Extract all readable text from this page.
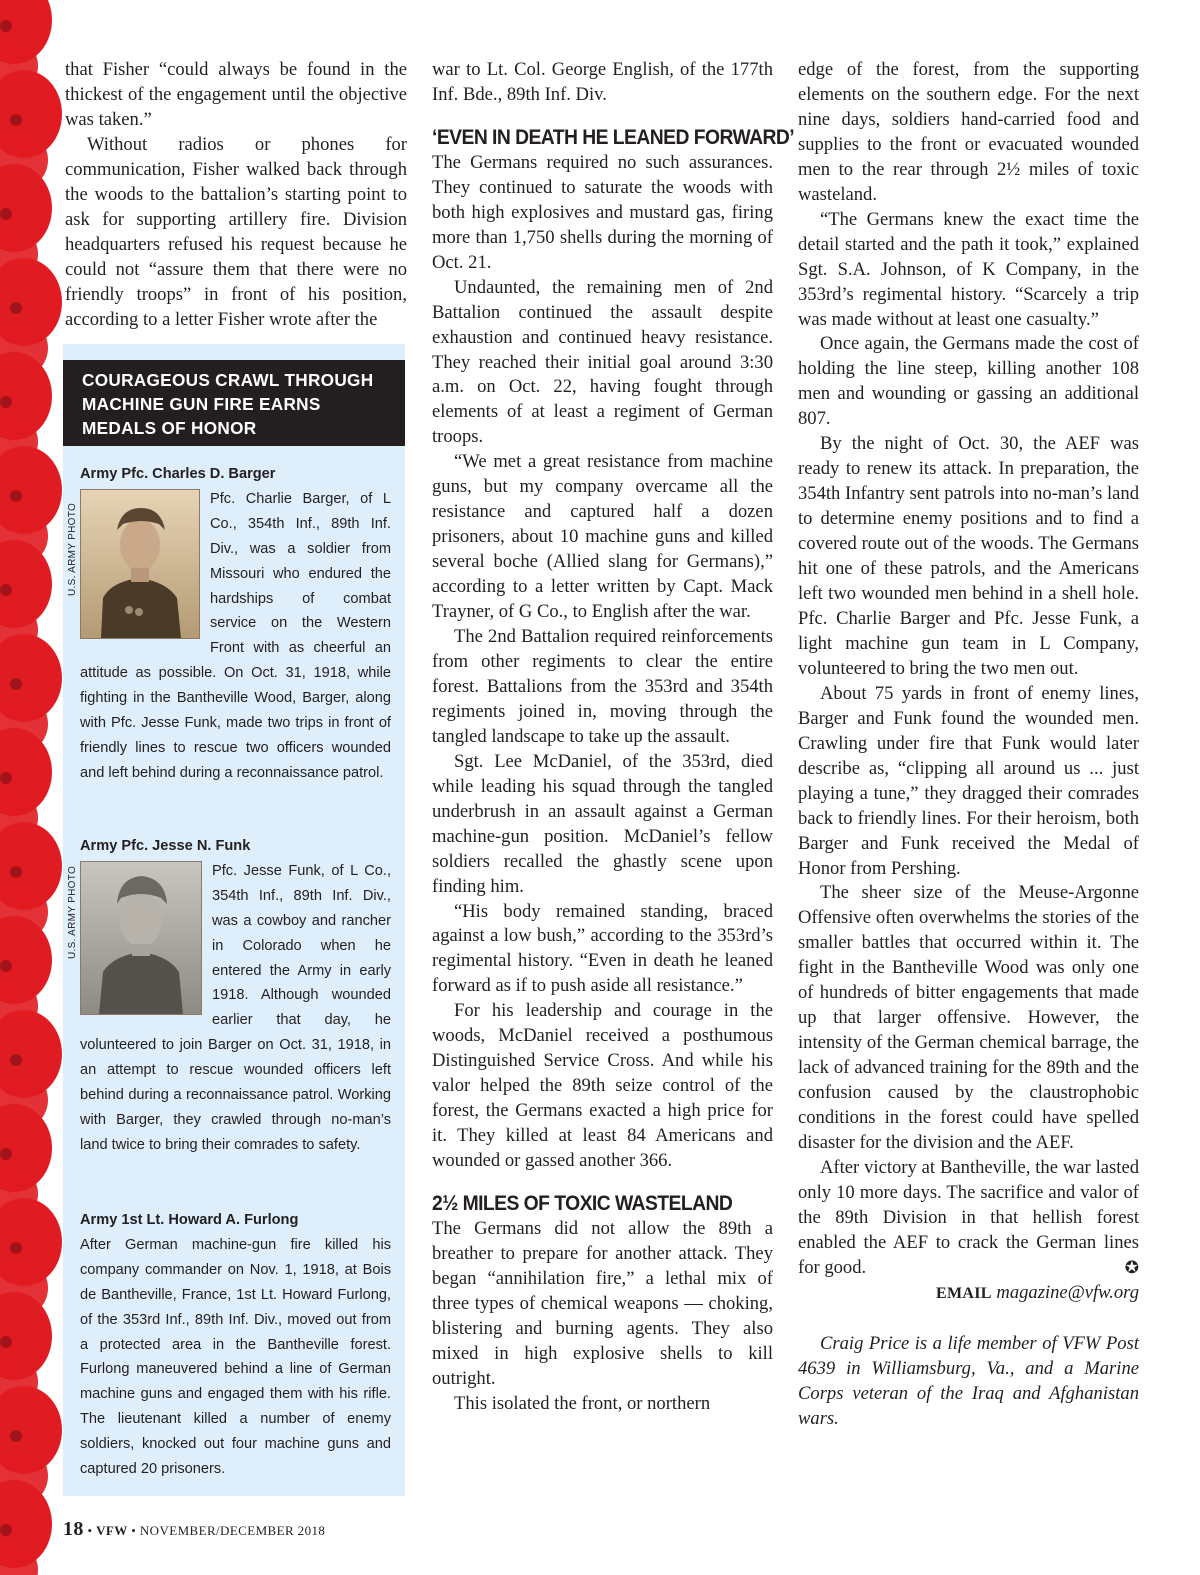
that Fisher “could always be found in the thickest of the engagement until the objective was taken.”

Without radios or phones for communication, Fisher walked back through the woods to the battalion’s starting point to ask for supporting artillery fire. Division headquarters refused his request because he could not “assure them that there were no friendly troops” in front of his position, according to a letter Fisher wrote after the

COURAGEOUS CRAWL THROUGH MACHINE GUN FIRE EARNS MEDALS OF HONOR

Army Pfc. Charles D. Barger

Pfc. Charlie Barger, of L Co., 354th Inf., 89th Inf. Div., was a soldier from Missouri who endured the hardships of combat service on the Western Front with as cheerful an attitude as possible. On Oct. 31, 1918, while fighting in the Bantheville Wood, Barger, along with Pfc. Jesse Funk, made two trips in front of friendly lines to rescue two officers wounded and left behind during a reconnaissance patrol.

U.S. ARMY PHOTO

Army Pfc. Jesse N. Funk

Pfc. Jesse Funk, of L Co., 354th Inf., 89th Inf. Div., was a cowboy and rancher in Colorado when he entered the Army in early 1918. Although wounded earlier that day, he volunteered to join Barger on Oct. 31, 1918, in an attempt to rescue wounded officers left behind during a reconnaissance patrol. Working with Barger, they crawled through no-man’s land twice to bring their comrades to safety.

U.S. ARMY PHOTO

Army 1st Lt. Howard A. Furlong

After German machine-gun fire killed his company commander on Nov. 1, 1918, at Bois de Bantheville, France, 1st Lt. Howard Furlong, of the 353rd Inf., 89th Inf. Div., moved out from a protected area in the Bantheville forest. Furlong maneuvered behind a line of German machine guns and engaged them with his rifle. The lieutenant killed a number of enemy soldiers, knocked out four machine guns and captured 20 prisoners.

war to Lt. Col. George English, of the 177th Inf. Bde., 89th Inf. Div.

‘EVEN IN DEATH HE LEANED FORWARD’

The Germans required no such assurances. They continued to saturate the woods with both high explosives and mustard gas, firing more than 1,750 shells during the morning of Oct. 21.

Undaunted, the remaining men of 2nd Battalion continued the assault despite exhaustion and continued heavy resistance. They reached their initial goal around 3:30 a.m. on Oct. 22, having fought through elements of at least a regiment of German troops.

“We met a great resistance from machine guns, but my company overcame all the resistance and captured half a dozen prisoners, about 10 machine guns and killed several boche (Allied slang for Germans),” according to a letter written by Capt. Mack Trayner, of G Co., to English after the war.

The 2nd Battalion required reinforcements from other regiments to clear the entire forest. Battalions from the 353rd and 354th regiments joined in, moving through the tangled landscape to take up the assault.

Sgt. Lee McDaniel, of the 353rd, died while leading his squad through the tangled underbrush in an assault against a German machine-gun position. McDaniel’s fellow soldiers recalled the ghastly scene upon finding him.

“His body remained standing, braced against a low bush,” according to the 353rd’s regimental history. “Even in death he leaned forward as if to push aside all resistance.”

For his leadership and courage in the woods, McDaniel received a posthumous Distinguished Service Cross. And while his valor helped the 89th seize control of the forest, the Germans exacted a high price for it. They killed at least 84 Americans and wounded or gassed another 366.

2½ MILES OF TOXIC WASTELAND

The Germans did not allow the 89th a breather to prepare for another attack. They began “annihilation fire,” a lethal mix of three types of chemical weapons — choking, blistering and burning agents. They also mixed in high explosive shells to kill outright.

This isolated the front, or northern

edge of the forest, from the supporting elements on the southern edge. For the next nine days, soldiers hand-carried food and supplies to the front or evacuated wounded men to the rear through 2½ miles of toxic wasteland.

“The Germans knew the exact time the detail started and the path it took,” explained Sgt. S.A. Johnson, of K Company, in the 353rd’s regimental history. “Scarcely a trip was made without at least one casualty.”

Once again, the Germans made the cost of holding the line steep, killing another 108 men and wounding or gassing an additional 807.

By the night of Oct. 30, the AEF was ready to renew its attack. In preparation, the 354th Infantry sent patrols into no-man’s land to determine enemy positions and to find a covered route out of the woods. The Germans hit one of these patrols, and the Americans left two wounded men behind in a shell hole. Pfc. Charlie Barger and Pfc. Jesse Funk, a light machine gun team in L Company, volunteered to bring the two men out.

About 75 yards in front of enemy lines, Barger and Funk found the wounded men. Crawling under fire that Funk would later describe as, “clipping all around us ... just playing a tune,” they dragged their comrades back to friendly lines. For their heroism, both Barger and Funk received the Medal of Honor from Pershing.

The sheer size of the Meuse-Argonne Offensive often overwhelms the stories of the smaller battles that occurred within it. The fight in the Bantheville Wood was only one of hundreds of bitter engagements that made up that larger offensive. However, the intensity of the German chemical barrage, the lack of advanced training for the 89th and the confusion caused by the claustrophobic conditions in the forest could have spelled disaster for the division and the AEF.

After victory at Bantheville, the war lasted only 10 more days. The sacrifice and valor of the 89th Division in that hellish forest enabled the AEF to crack the German lines for good.	✪

EMAIL magazine@vfw.org

Craig Price is a life member of VFW Post 4639 in Williamsburg, Va., and a Marine Corps veteran of the Iraq and Afghanistan wars.

18 • VFW • NOVEMBER/DECEMBER 2018
